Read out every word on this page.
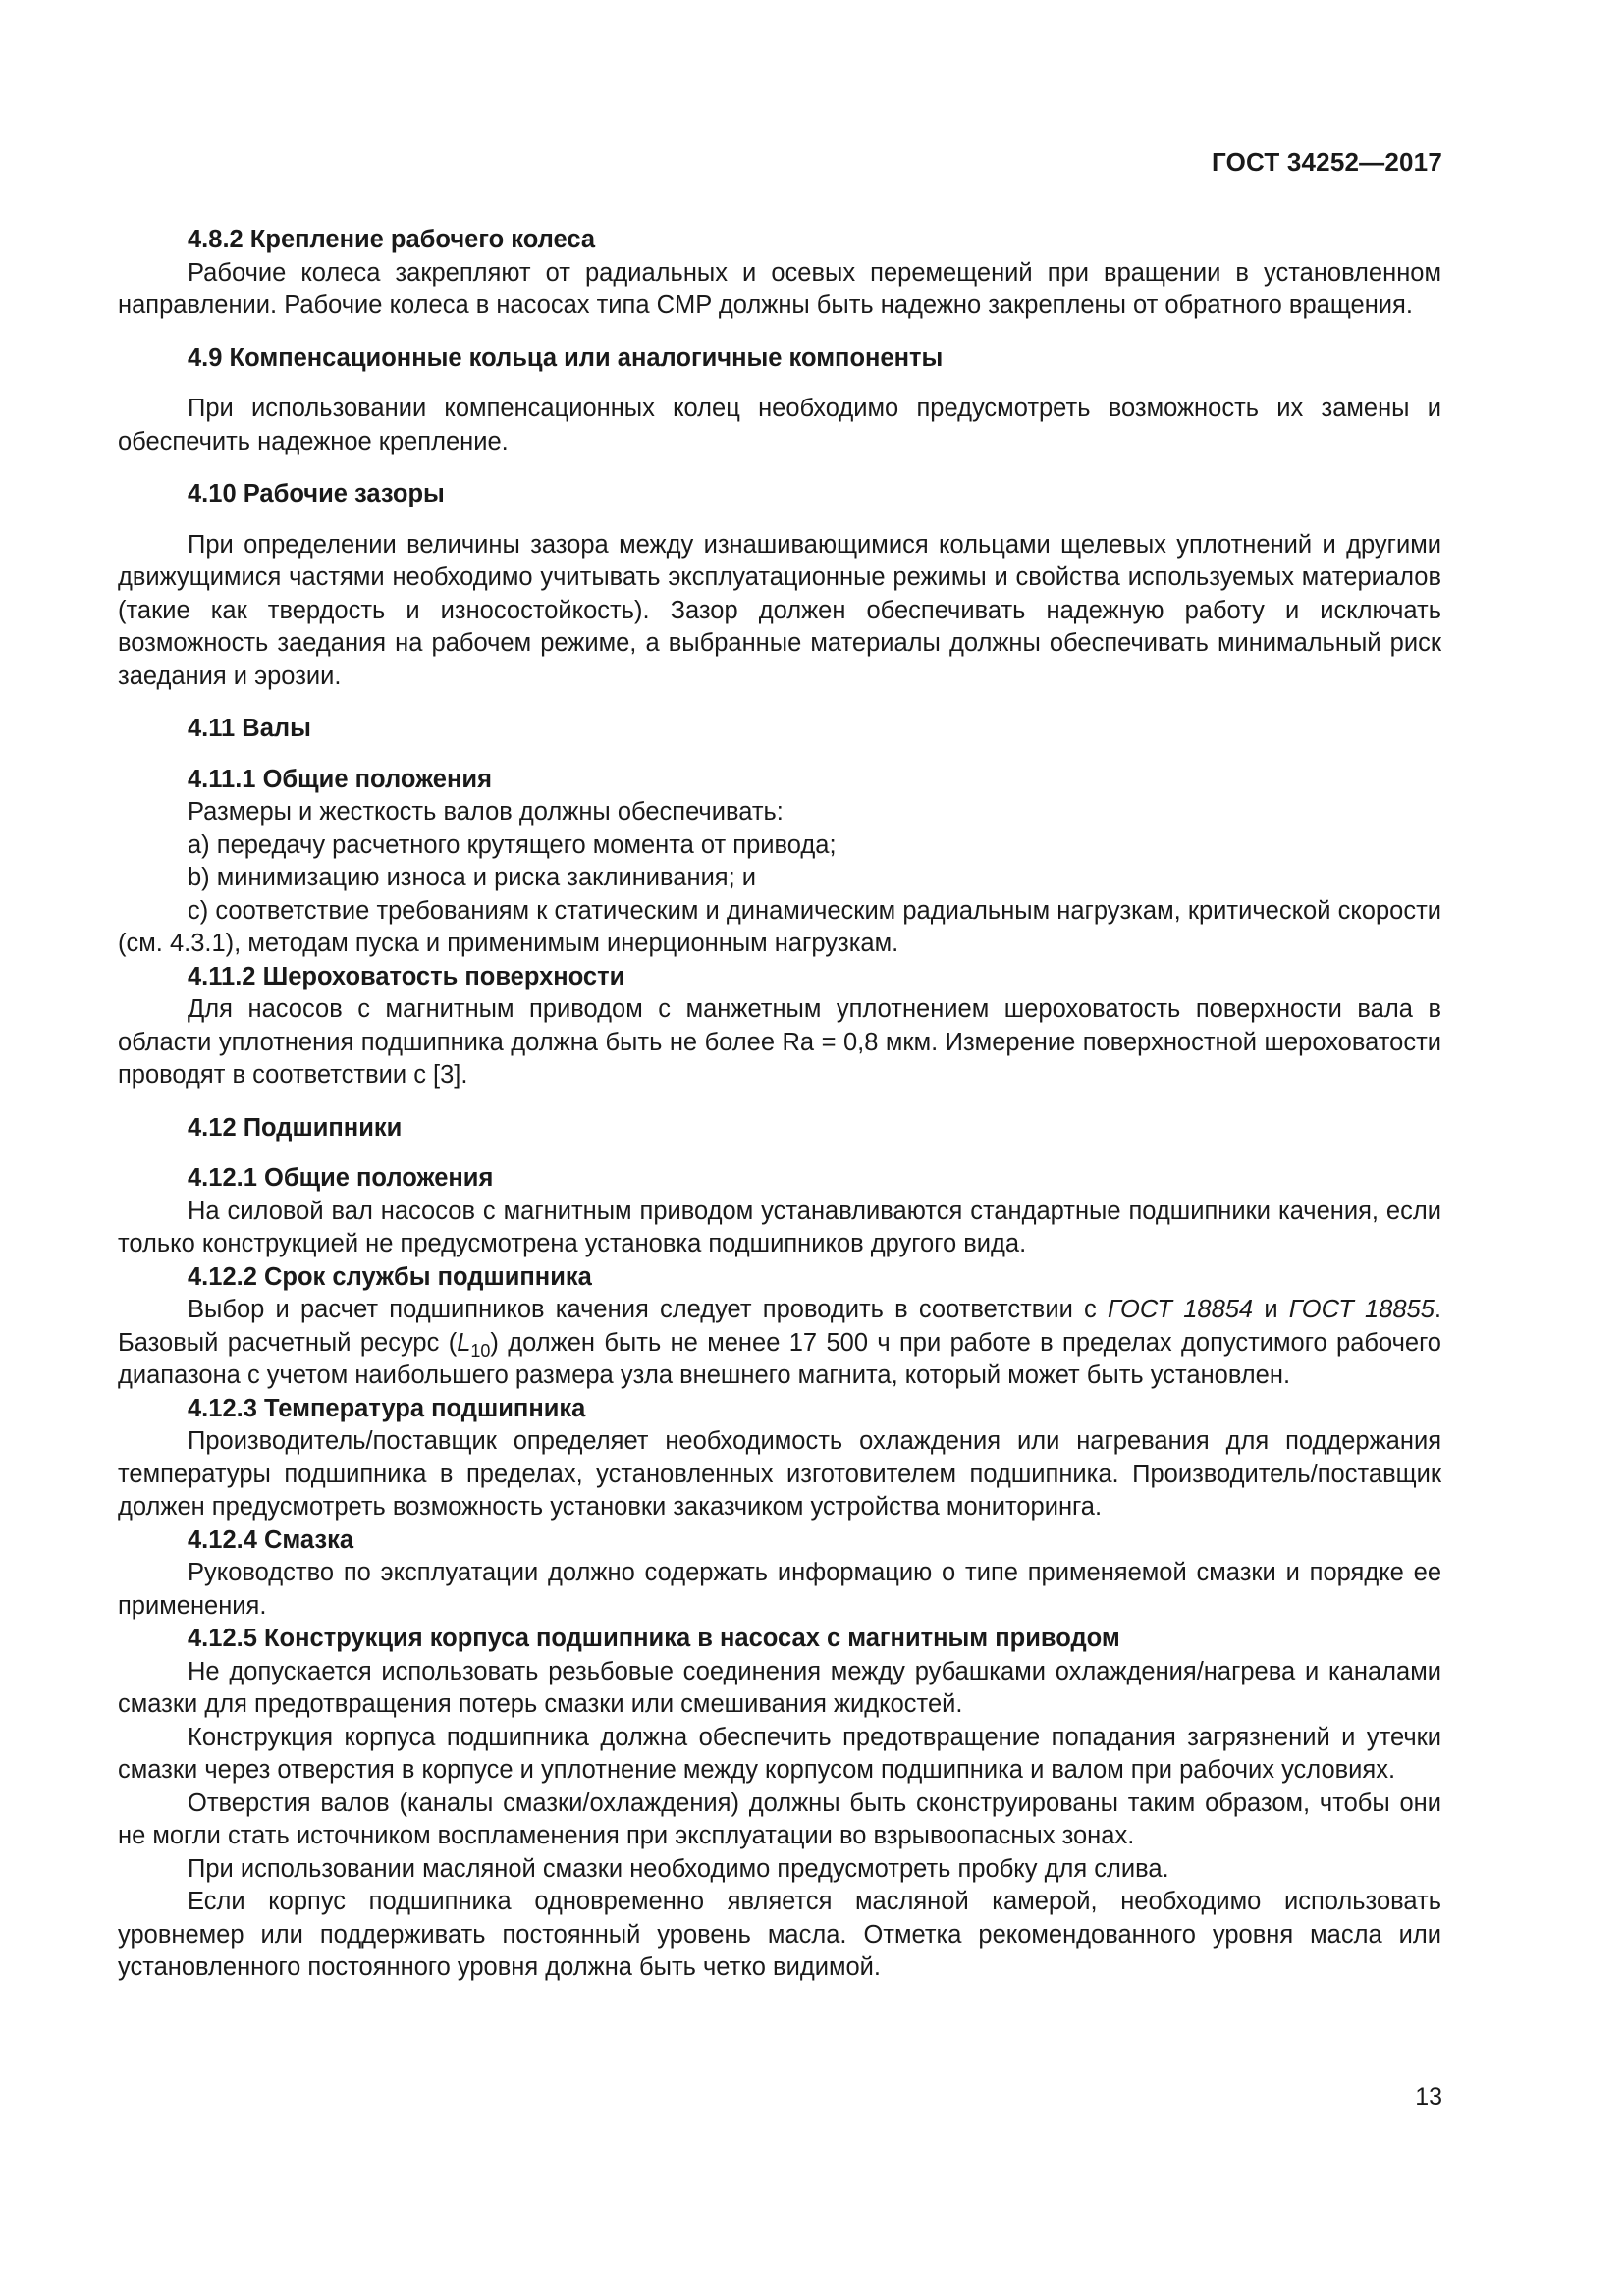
ГОСТ 34252—2017

4.8.2 Крепление рабочего колеса

Рабочие колеса закрепляют от радиальных и осевых перемещений при вращении в установленном направлении. Рабочие колеса в насосах типа CMP должны быть надежно закреплены от обратного вращения.

4.9 Компенсационные кольца или аналогичные компоненты

При использовании компенсационных колец необходимо предусмотреть возможность их замены и обеспечить надежное крепление.

4.10 Рабочие зазоры

При определении величины зазора между изнашивающимися кольцами щелевых уплотнений и другими движущимися частями необходимо учитывать эксплуатационные режимы и свойства используемых материалов (такие как твердость и износостойкость). Зазор должен обеспечивать надежную работу и исключать возможность заедания на рабочем режиме, а выбранные материалы должны обеспечивать минимальный риск заедания и эрозии.

4.11 Валы

4.11.1 Общие положения

Размеры и жесткость валов должны обеспечивать:

a) передачу расчетного крутящего момента от привода;

b) минимизацию износа и риска заклинивания; и

c) соответствие требованиям к статическим и динамическим радиальным нагрузкам, критической скорости (см. 4.3.1), методам пуска и применимым инерционным нагрузкам.

4.11.2 Шероховатость поверхности

Для насосов с магнитным приводом с манжетным уплотнением шероховатость поверхности вала в области уплотнения подшипника должна быть не более Ra = 0,8 мкм. Измерение поверхностной шероховатости проводят в соответствии с [3].

4.12 Подшипники

4.12.1 Общие положения

На силовой вал насосов с магнитным приводом устанавливаются стандартные подшипники качения, если только конструкцией не предусмотрена установка подшипников другого вида.

4.12.2 Срок службы подшипника

Выбор и расчет подшипников качения следует проводить в соответствии с ГОСТ 18854 и ГОСТ 18855. Базовый расчетный ресурс $(L_{10})$ должен быть не менее 17 500 ч при работе в пределах допустимого рабочего диапазона с учетом наибольшего размера узла внешнего магнита, который может быть установлен.

4.12.3 Температура подшипника

Производитель/поставщик определяет необходимость охлаждения или нагревания для поддержания температуры подшипника в пределах, установленных изготовителем подшипника. Производитель/поставщик должен предусмотреть возможность установки заказчиком устройства мониторинга.

4.12.4 Смазка

Руководство по эксплуатации должно содержать информацию о типе применяемой смазки и порядке ее применения.

4.12.5 Конструкция корпуса подшипника в насосах с магнитным приводом

Не допускается использовать резьбовые соединения между рубашками охлаждения/нагрева и каналами смазки для предотвращения потерь смазки или смешивания жидкостей.

Конструкция корпуса подшипника должна обеспечить предотвращение попадания загрязнений и утечки смазки через отверстия в корпусе и уплотнение между корпусом подшипника и валом при рабочих условиях.

Отверстия валов (каналы смазки/охлаждения) должны быть сконструированы таким образом, чтобы они не могли стать источником воспламенения при эксплуатации во взрывоопасных зонах.

При использовании масляной смазки необходимо предусмотреть пробку для слива.

Если корпус подшипника одновременно является масляной камерой, необходимо использовать уровнемер или поддерживать постоянный уровень масла. Отметка рекомендованного уровня масла или установленного постоянного уровня должна быть четко видимой.

13
